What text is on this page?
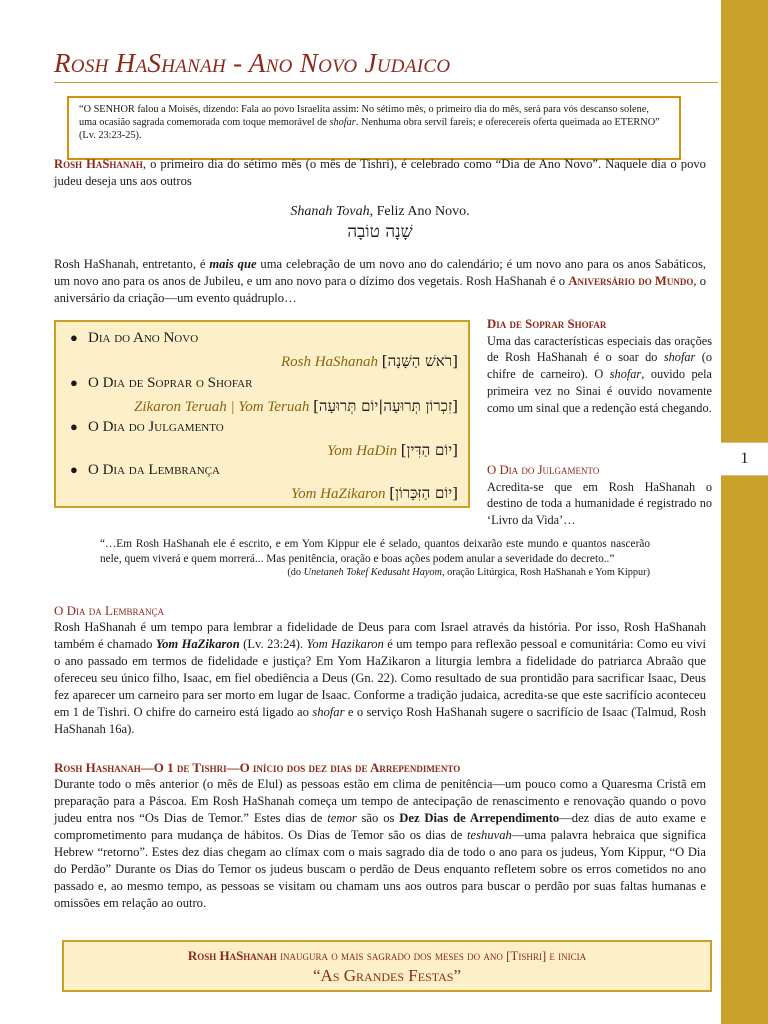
1
Rosh HaShanah - Ano Novo Judaico
“O SENHOR falou a Moisés, dizendo: Fala ao povo Israelita assim: No sétimo mês, o primeiro dia do mês, será para vós descanso solene, uma ocasião sagrada comemorada com toque memorável de shofar. Nenhuma obra servil fareis; e oferecereis oferta queimada ao ETERNO” (Lv. 23:23-25).

Rosh HaShanah, o primeiro dia do sétimo mês (o mês de Tishri), é celebrado como “Dia de Ano Novo”. Naquele dia o povo judeu deseja uns aos outros

Shanah Tovah, Feliz Ano Novo.
שָׁנָה טוֹבָה

Rosh HaShanah, entretanto, é mais que uma celebração de um novo ano do calendário; é um novo ano para os anos Sabáticos, um novo ano para os anos de Jubileu, e um ano novo para o dízimo dos vegetais. Rosh HaShanah é o Aniversário do Mundo, o aniversário da criação—um evento quádruplo…

● Dia do Ano Novo
Rosh HaShanah [רֹאשׁ הַשָּׁנָה]
● O Dia de Soprar o Shofar
Zikaron Teruah | Yom Teruah [זִכְרוֹן תְּרוּעָה|יוֹם תְּרוּעָה]
● O Dia do Julgamento
Yom HaDin [יוֹם הַדִּין]
● O Dia da Lembrança
Yom HaZikaron [יוֹם הַזִּכָּרוֹן]
Dia de Soprar Shofar
Uma das características especiais das orações de Rosh HaShanah é o soar do shofar (o chifre de carneiro). O shofar, ouvido pela primeira vez no Sinai é ouvido novamente como um sinal que a redenção está chegando.
O Dia do Julgamento
Acredita-se que em Rosh HaShanah o destino de toda a humanidade é registrado no ‘Livro da Vida’…
“…Em Rosh HaShanah ele é escrito, e em Yom Kippur ele é selado, quantos deixarão este mundo e quantos nascerão nele, quem viverá e quem morrerá... Mas penitência, oração e boas ações podem anular a severidade do decreto..”
(do Unetaneh Tokef Kedusaht Hayom, oração Litúrgica, Rosh HaShanah e Yom Kippur)
O Dia da Lembrança

Rosh HaShanah é um tempo para lembrar a fidelidade de Deus para com Israel através da história. Por isso, Rosh HaShanah também é chamado Yom HaZikaron (Lv. 23:24). Yom Hazikaron é um tempo para reflexão pessoal e comunitária: Como eu vivi o ano passado em termos de fidelidade e justiça? Em Yom HaZikaron a liturgia lembra a fidelidade do patriarca Abraão que ofereceu seu único filho, Isaac, em fiel obediência a Deus (Gn. 22). Como resultado de sua prontidão para sacrificar Isaac, Deus fez aparecer um carneiro para ser morto em lugar de Isaac. Conforme a tradição judaica, acredita-se que este sacrifício aconteceu em 1 de Tishri. O chifre do carneiro está ligado ao shofar e o serviço Rosh HaShanah sugere o sacrifício de Isaac (Talmud, Rosh HaShanah 16a).

Rosh Hashanah—O 1 de Tishri—O início dos dez dias de Arrependimento

Durante todo o mês anterior (o mês de Elul) as pessoas estão em clima de penitência—um pouco como a Quaresma Cristã em preparação para a Páscoa. Em Rosh HaShanah começa um tempo de antecipação de renascimento e renovação quando o povo judeu entra nos “Os Dias de Temor.” Estes dias de temor são os Dez Dias de Arrependimento—dez dias de auto exame e comprometimento para mudança de hábitos. Os Dias de Temor são os dias de teshuvah—uma palavra hebraica que significa Hebrew “retorno”. Estes dez dias chegam ao clímax com o mais sagrado dia de todo o ano para os judeus, Yom Kippur, “O Dia do Perdão” Durante os Dias do Temor os judeus buscam o perdão de Deus enquanto refletem sobre os erros cometidos no ano passado e, ao mesmo tempo, as pessoas se visitam ou chamam uns aos outros para buscar o perdão por suas faltas humanas e omissões em relação ao outro.

Rosh HaShanah inaugura o mais sagrado dos meses do ano [Tishri] e inicia
“As Grandes Festas”
